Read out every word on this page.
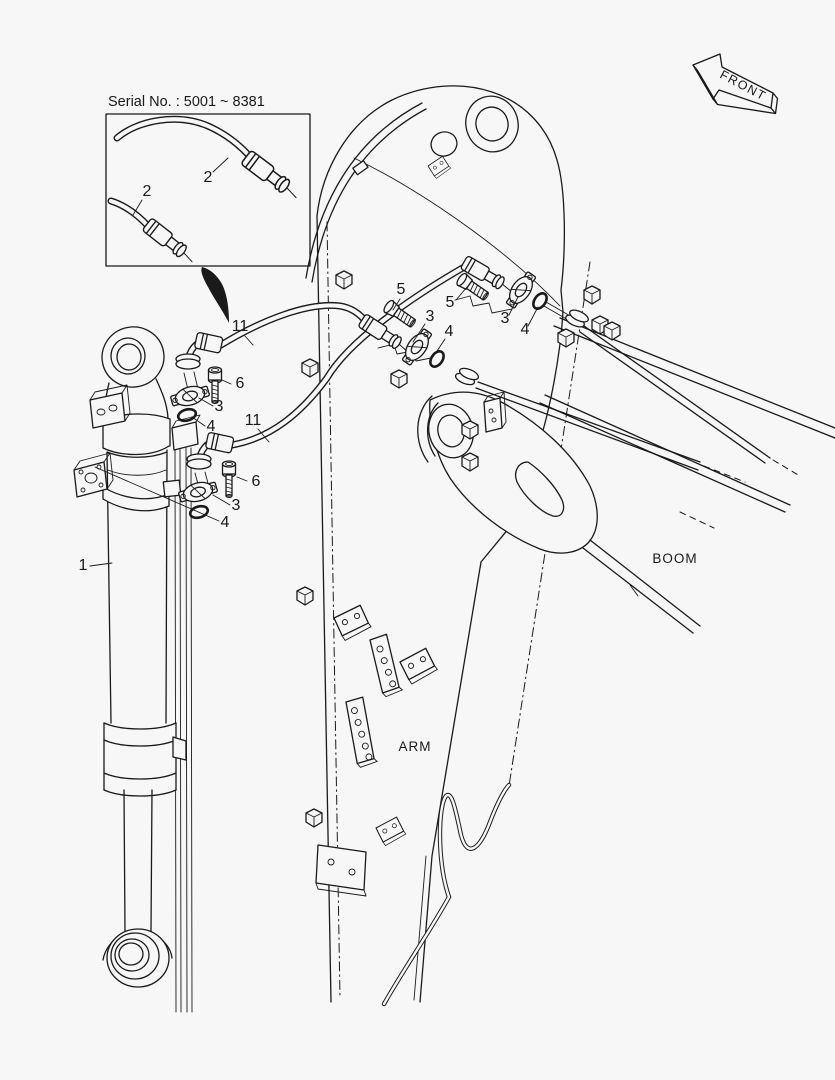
Serial No. : 5001 ~ 8381	FRONT
BOOM
ARM
2
2
11
5
3
4
5
3
4
6
3
4 11
6
3
4
1
